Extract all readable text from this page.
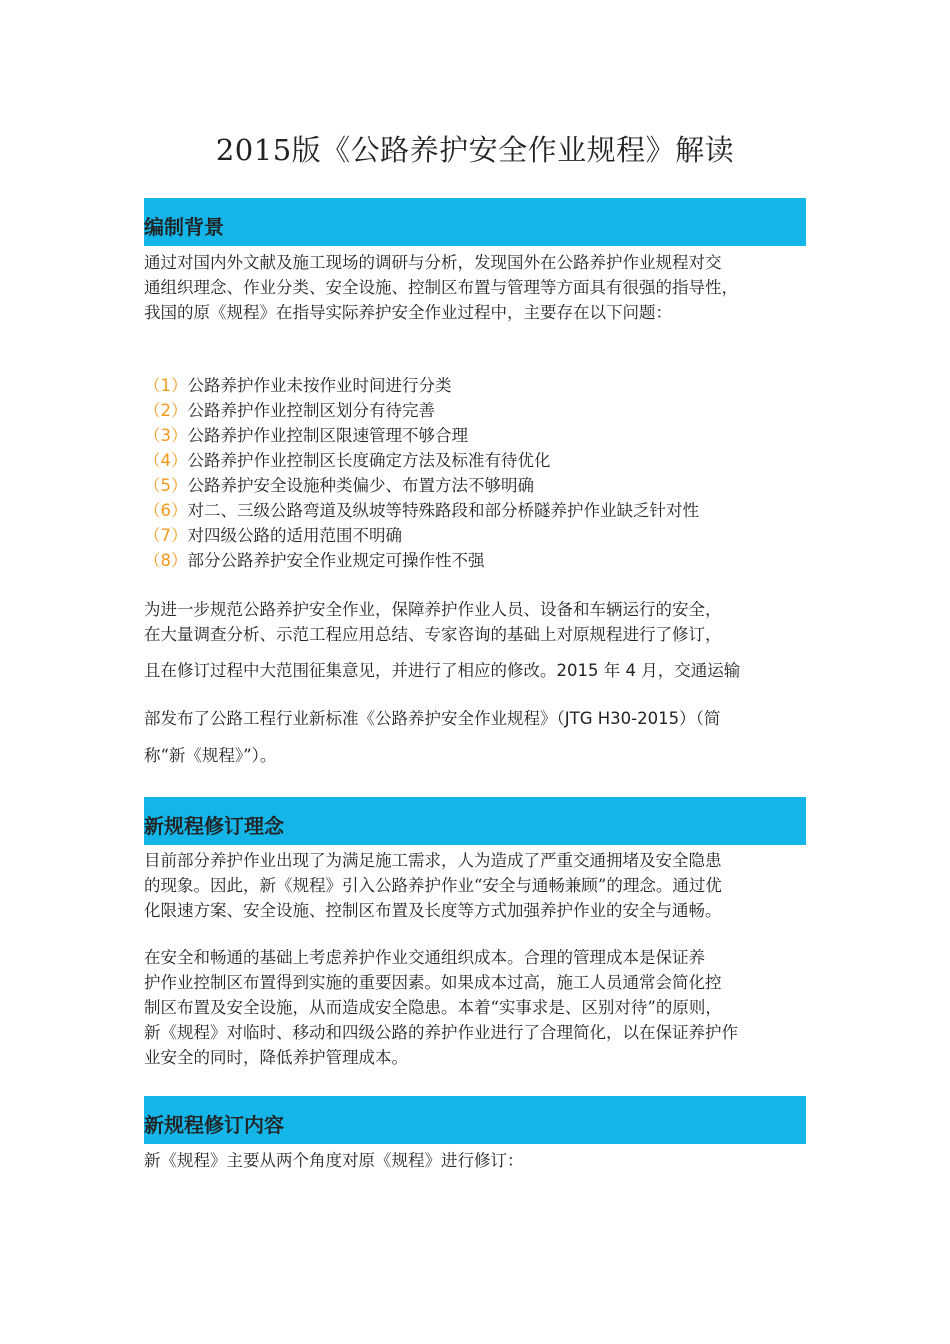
2015版《公路养护安全作业规程》解读
编制背景
通过对国内外文献及施工现场的调研与分析，发现国外在公路养护作业规程对交
通组织理念、作业分类、安全设施、控制区布置与管理等方面具有很强的指导性，
我国的原《规程》在指导实际养护安全作业过程中，主要存在以下问题：
（1）公路养护作业未按作业时间进行分类
（2）公路养护作业控制区划分有待完善
（3）公路养护作业控制区限速管理不够合理
（4）公路养护作业控制区长度确定方法及标准有待优化
（5）公路养护安全设施种类偏少、布置方法不够明确
（6）对二、三级公路弯道及纵坡等特殊路段和部分桥隧养护作业缺乏针对性
（7）对四级公路的适用范围不明确
（8）部分公路养护安全作业规定可操作性不强
为进一步规范公路养护安全作业，保障养护作业人员、设备和车辆运行的安全，
在大量调查分析、示范工程应用总结、专家咨询的基础上对原规程进行了修订，
且在修订过程中大范围征集意见，并进行了相应的修改。2015 年 4 月，交通运输
部发布了公路工程行业新标准《公路养护安全作业规程》（JTG H30-2015）（简
称“新《规程》”）。
新规程修订理念
目前部分养护作业出现了为满足施工需求，人为造成了严重交通拥堵及安全隐患
的现象。因此，新《规程》引入公路养护作业“安全与通畅兼顾”的理念。通过优
化限速方案、安全设施、控制区布置及长度等方式加强养护作业的安全与通畅。
在安全和畅通的基础上考虑养护作业交通组织成本。合理的管理成本是保证养
护作业控制区布置得到实施的重要因素。如果成本过高，施工人员通常会简化控
制区布置及安全设施，从而造成安全隐患。本着“实事求是、区别对待”的原则，
新《规程》对临时、移动和四级公路的养护作业进行了合理简化，以在保证养护作
业安全的同时，降低养护管理成本。
新规程修订内容
新《规程》主要从两个角度对原《规程》进行修订：
